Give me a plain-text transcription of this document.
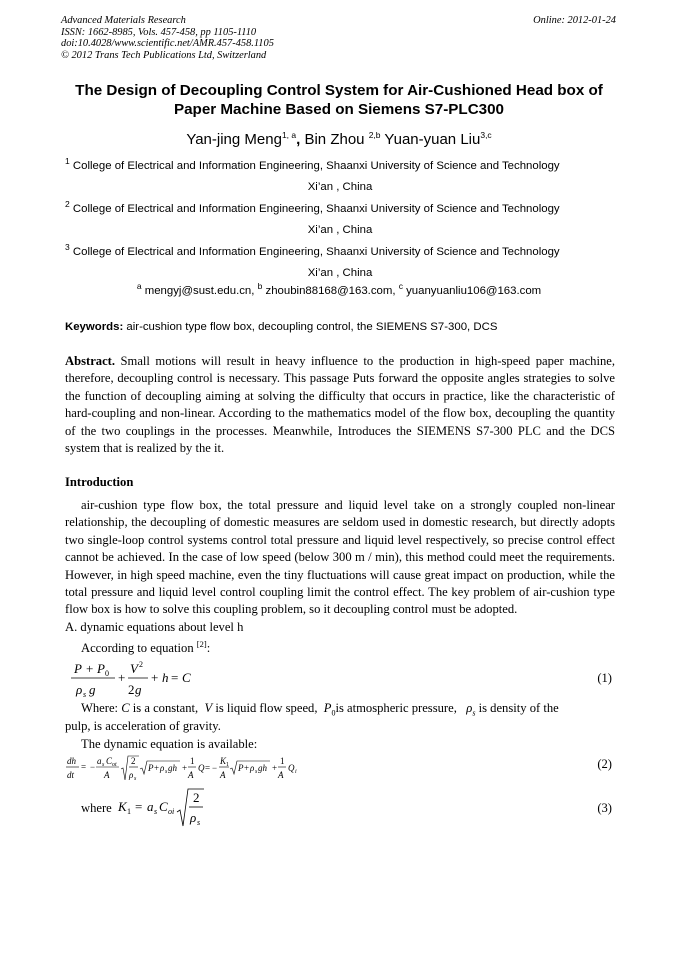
Advanced Materials Research
ISSN: 1662-8985, Vols. 457-458, pp 1105-1110
doi:10.4028/www.scientific.net/AMR.457-458.1105
© 2012 Trans Tech Publications Ltd, Switzerland
Online: 2012-01-24
The Design of Decoupling Control System for Air-Cushioned Head box of Paper Machine Based on Siemens S7-PLC300
Yan-jing Meng$^{1, a}$, Bin Zhou $^{2,b}$ Yuan-yuan Liu$^{3,c}$
$^1$ College of Electrical and Information Engineering, Shaanxi University of Science and Technology
Xi’an , China
$^2$ College of Electrical and Information Engineering, Shaanxi University of Science and Technology
Xi’an , China
$^3$ College of Electrical and Information Engineering, Shaanxi University of Science and Technology
Xi’an , China
$^a$ mengyj@sust.edu.cn, $^b$ zhoubin88168@163.com, $^c$ yuanyuanliu106@163.com
Keywords: air-cushion type flow box, decoupling control, the SIEMENS S7-300, DCS
Abstract. Small motions will result in heavy influence to the production in high-speed paper machine, therefore, decoupling control is necessary. This passage Puts forward the opposite angles strategies to solve the function of decoupling aiming at solving the difficulty that occurs in practice, like the characteristic of hard-coupling and non-linear. According to the mathematics model of the flow box, decoupling the quantity of the two couplings in the processes. Meanwhile, Introduces the SIEMENS S7-300 PLC and the DCS system that is realized by the it.
Introduction
air-cushion type flow box, the total pressure and liquid level take on a strongly coupled non-linear relationship, the decoupling of domestic measures are seldom used in domestic research, but directly adopts two single-loop control systems control total pressure and liquid level respectively, so precise control effect cannot be achieved. In the case of low speed (below 300 m / min), this method could meet the requirements. However, in high speed machine, even the tiny fluctuations will cause great impact on production, while the total pressure and liquid level control coupling limit the control effect. The key problem of air-cushion type flow box is how to solve this coupling problem, so it decoupling control must be adopted.
A. dynamic equations about level h
According to equation [2]:
P + P 0
ρ s g
+
V 2
2 g
+ h = C	(1)
Where: C is a constant, V is liquid flow speed, $P_0is$ atmospheric pressure, $\rho_s$ is density of the
pulp, is acceleration of gravity.
The dynamic equation is available:
dh
dt
= −
a s C ot
A
2
ρ s
P + ρ s gh +
1
A
Q = −
K 1
A
P + ρ s gh +
1
A
Q i
(2)
where K 1 = a s C oi
2
ρ s
(3)
